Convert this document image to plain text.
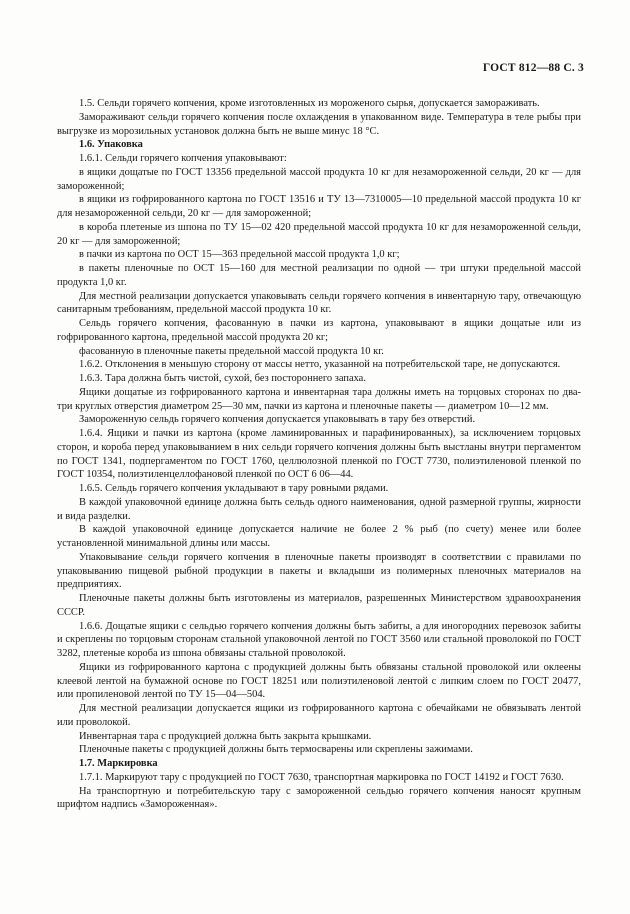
ГОСТ 812—88 С. 3

1.5. Сельди горячего копчения, кроме изготовленных из мороженого сырья, допускается замораживать.

Замораживают сельди горячего копчения после охлаждения в упакованном виде. Температура в теле рыбы при выгрузке из морозильных установок должна быть не выше минус 18 °С.

1.6. Упаковка

1.6.1. Сельди горячего копчения упаковывают:

в ящики дощатые по ГОСТ 13356 предельной массой продукта 10 кг для незамороженной сельди, 20 кг — для замороженной;

в ящики из гофрированного картона по ГОСТ 13516 и ТУ 13—7310005—10 предельной массой продукта 10 кг для незамороженной сельди, 20 кг — для замороженной;

в короба плетеные из шпона по ТУ 15—02 420 предельной массой продукта 10 кг для незамороженной сельди, 20 кг — для замороженной;

в пачки из картона по ОСТ 15—363 предельной массой продукта 1,0 кг;

в пакеты пленочные по ОСТ 15—160 для местной реализации по одной — три штуки предельной массой продукта 1,0 кг.

Для местной реализации допускается упаковывать сельди горячего копчения в инвентарную тару, отвечающую санитарным требованиям, предельной массой продукта 10 кг.

Сельдь горячего копчения, фасованную в пачки из картона, упаковывают в ящики дощатые или из гофрированного картона, предельной массой продукта 20 кг;

фасованную в пленочные пакеты предельной массой продукта 10 кг.

1.6.2. Отклонения в меньшую сторону от массы нетто, указанной на потребительской таре, не допускаются.

1.6.3. Тара должна быть чистой, сухой, без постороннего запаха.

Ящики дощатые из гофрированного картона и инвентарная тара должны иметь на торцовых сторонах по два-три круглых отверстия диаметром 25—30 мм, пачки из картона и пленочные пакеты — диаметром 10—12 мм.

Замороженную сельдь горячего копчения допускается упаковывать в тару без отверстий.

1.6.4. Ящики и пачки из картона (кроме ламинированных и парафинированных), за исключением торцовых сторон, и короба перед упаковыванием в них сельди горячего копчения должны быть выстланы внутри пергаментом по ГОСТ 1341, подпергаментом по ГОСТ 1760, целлюлозной пленкой по ГОСТ 7730, полиэтиленовой пленкой по ГОСТ 10354, полиэтиленцеллофановой пленкой по ОСТ 6 06—44.

1.6.5. Сельдь горячего копчения укладывают в тару ровными рядами.

В каждой упаковочной единице должна быть сельдь одного наименования, одной размерной группы, жирности и вида разделки.

В каждой упаковочной единице допускается наличие не более 2 % рыб (по счету) менее или более установленной минимальной длины или массы.

Упаковывание сельди горячего копчения в пленочные пакеты производят в соответствии с правилами по упаковыванию пищевой рыбной продукции в пакеты и вкладыши из полимерных пленочных материалов на предприятиях.

Пленочные пакеты должны быть изготовлены из материалов, разрешенных Министерством здравоохранения СССР.

1.6.6. Дощатые ящики с сельдью горячего копчения должны быть забиты, а для иногородних перевозок забиты и скреплены по торцовым сторонам стальной упаковочной лентой по ГОСТ 3560 или стальной проволокой по ГОСТ 3282, плетеные короба из шпона обвязаны стальной проволокой.

Ящики из гофрированного картона с продукцией должны быть обвязаны стальной проволокой или оклеены клеевой лентой на бумажной основе по ГОСТ 18251 или полиэтиленовой лентой с липким слоем по ГОСТ 20477, или пропиленовой лентой по ТУ 15—04—504.

Для местной реализации допускается ящики из гофрированного картона с обечайками не обвязывать лентой или проволокой.

Инвентарная тара с продукцией должна быть закрыта крышками.

Пленочные пакеты с продукцией должны быть термосварены или скреплены зажимами.

1.7. Маркировка

1.7.1. Маркируют тару с продукцией по ГОСТ 7630, транспортная маркировка по ГОСТ 14192 и ГОСТ 7630.

На транспортную и потребительскую тару с замороженной сельдью горячего копчения наносят крупным шрифтом надпись «Замороженная».
